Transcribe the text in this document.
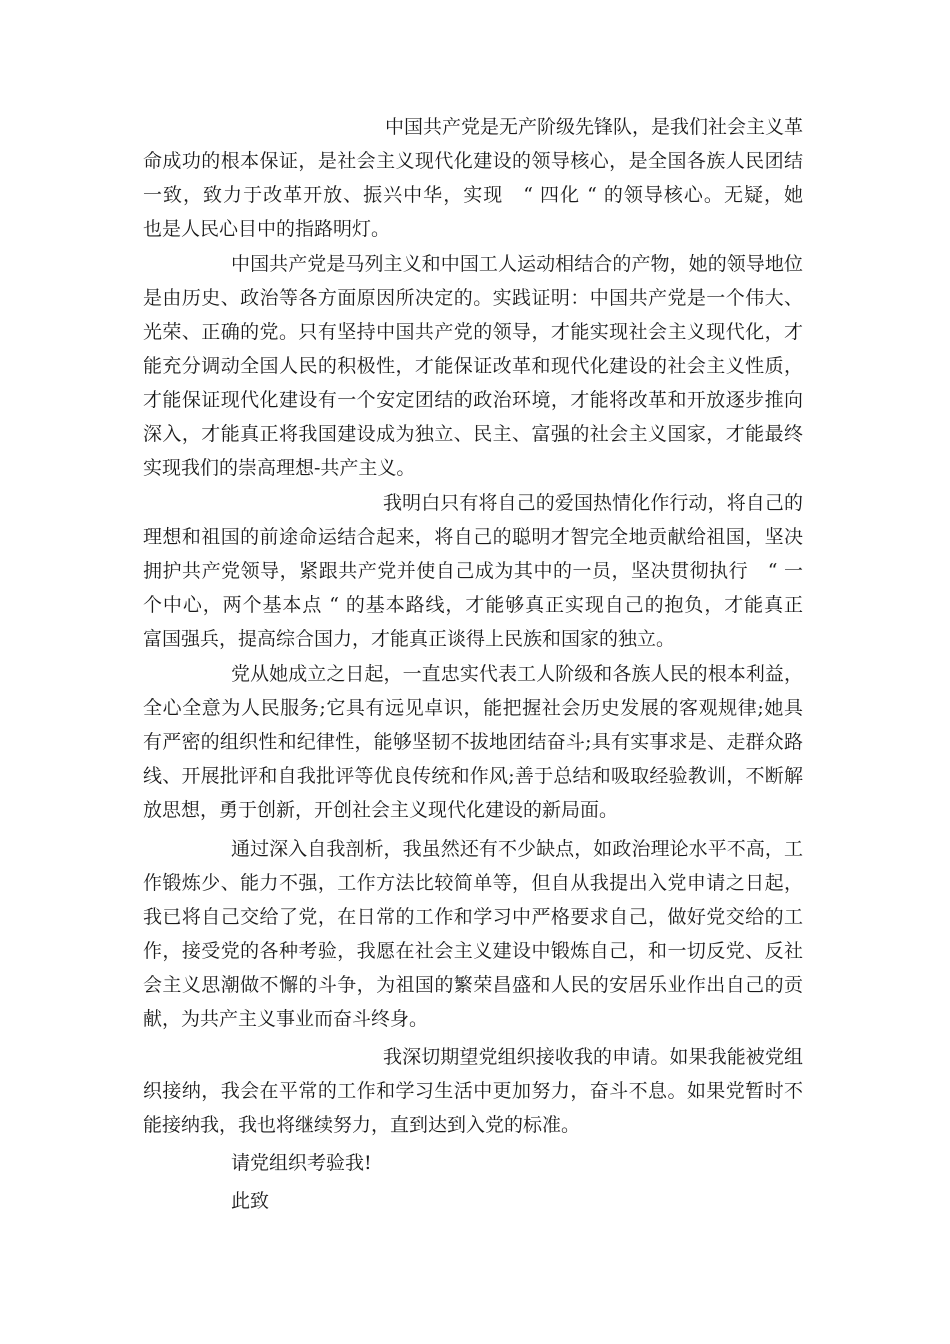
中国共产党是无产阶级先锋队，是我们社会主义革
命成功的根本保证，是社会主义现代化建设的领导核心，是全国各族人民团结
一致，致力于改革开放、振兴中华，实现　“ 四化 “ 的领导核心。无疑，她
也是人民心目中的指路明灯。
中国共产党是马列主义和中国工人运动相结合的产物，她的领导地位
是由历史、政治等各方面原因所决定的。实践证明：中国共产党是一个伟大、
光荣、正确的党。只有坚持中国共产党的领导，才能实现社会主义现代化，才
能充分调动全国人民的积极性，才能保证改革和现代化建设的社会主义性质，
才能保证现代化建设有一个安定团结的政治环境，才能将改革和开放逐步推向
深入，才能真正将我国建设成为独立、民主、富强的社会主义国家，才能最终
实现我们的崇高理想-共产主义。
我明白只有将自己的爱国热情化作行动，将自己的
理想和祖国的前途命运结合起来，将自己的聪明才智完全地贡献给祖国，坚决
拥护共产党领导，紧跟共产党并使自己成为其中的一员，坚决贯彻执行　“ 一
个中心，两个基本点 “ 的基本路线，才能够真正实现自己的抱负，才能真正
富国强兵，提高综合国力，才能真正谈得上民族和国家的独立。
党从她成立之日起，一直忠实代表工人阶级和各族人民的根本利益，
全心全意为人民服务;它具有远见卓识，能把握社会历史发展的客观规律;她具
有严密的组织性和纪律性，能够坚韧不拔地团结奋斗;具有实事求是、走群众路
线、开展批评和自我批评等优良传统和作风;善于总结和吸取经验教训，不断解
放思想，勇于创新，开创社会主义现代化建设的新局面。
通过深入自我剖析，我虽然还有不少缺点，如政治理论水平不高，工
作锻炼少、能力不强，工作方法比较简单等，但自从我提出入党申请之日起，
我已将自己交给了党，在日常的工作和学习中严格要求自己，做好党交给的工
作，接受党的各种考验，我愿在社会主义建设中锻炼自己，和一切反党、反社
会主义思潮做不懈的斗争，为祖国的繁荣昌盛和人民的安居乐业作出自己的贡
献，为共产主义事业而奋斗终身。
我深切期望党组织接收我的申请。如果我能被党组
织接纳，我会在平常的工作和学习生活中更加努力，奋斗不息。如果党暂时不
能接纳我，我也将继续努力，直到达到入党的标准。
请党组织考验我!
此致
